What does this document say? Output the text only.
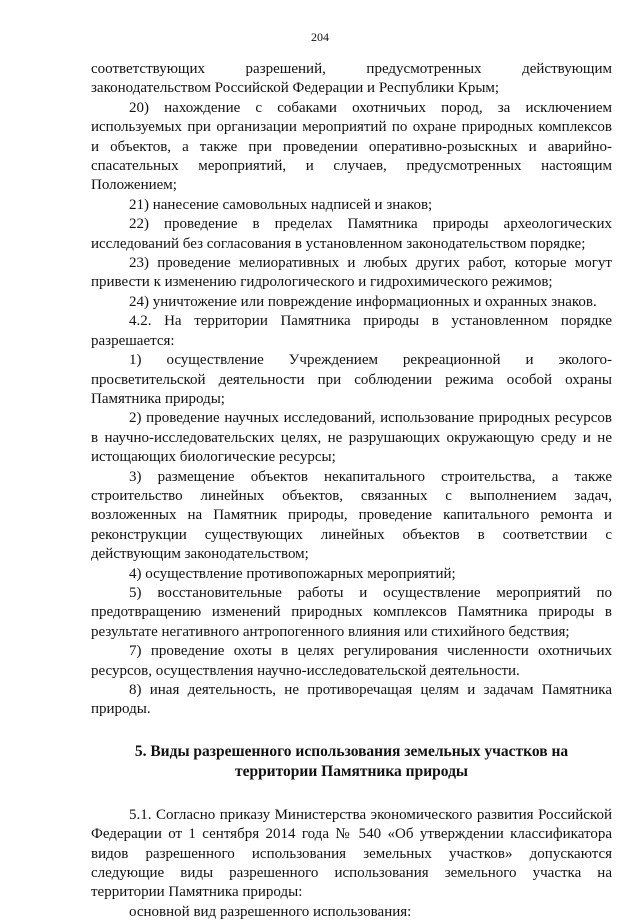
204

соответствующих разрешений, предусмотренных действующим законодательством Российской Федерации и Республики Крым;

20) нахождение с собаками охотничьих пород, за исключением используемых при организации мероприятий по охране природных комплексов и объектов, а также при проведении оперативно-розыскных и аварийно-спасательных мероприятий, и случаев, предусмотренных настоящим Положением;

21) нанесение самовольных надписей и знаков;

22) проведение в пределах Памятника природы археологических исследований без согласования в установленном законодательством порядке;

23) проведение мелиоративных и любых других работ, которые могут привести к изменению гидрологического и гидрохимического режимов;

24) уничтожение или повреждение информационных и охранных знаков.

4.2. На территории Памятника природы в установленном порядке разрешается:

1) осуществление Учреждением рекреационной и эколого-просветительской деятельности при соблюдении режима особой охраны Памятника природы;

2) проведение научных исследований, использование природных ресурсов в научно-исследовательских целях, не разрушающих окружающую среду и не истощающих биологические ресурсы;

3) размещение объектов некапитального строительства, а также строительство линейных объектов, связанных с выполнением задач, возложенных на Памятник природы, проведение капитального ремонта и реконструкции существующих линейных объектов в соответствии с действующим законодательством;

4) осуществление противопожарных мероприятий;

5) восстановительные работы и осуществление мероприятий по предотвращению изменений природных комплексов Памятника природы в результате негативного антропогенного влияния или стихийного бедствия;

7) проведение охоты в целях регулирования численности охотничьих ресурсов, осуществления научно-исследовательской деятельности.

8) иная деятельность, не противоречащая целям и задачам Памятника природы.

5. Виды разрешенного использования земельных участков на
территории Памятника природы

5.1. Согласно приказу Министерства экономического развития Российской Федерации от 1 сентября 2014 года № 540 «Об утверждении классификатора видов разрешенного использования земельных участков» допускаются следующие виды разрешенного использования земельного участка на территории Памятника природы:

основной вид разрешенного использования:
